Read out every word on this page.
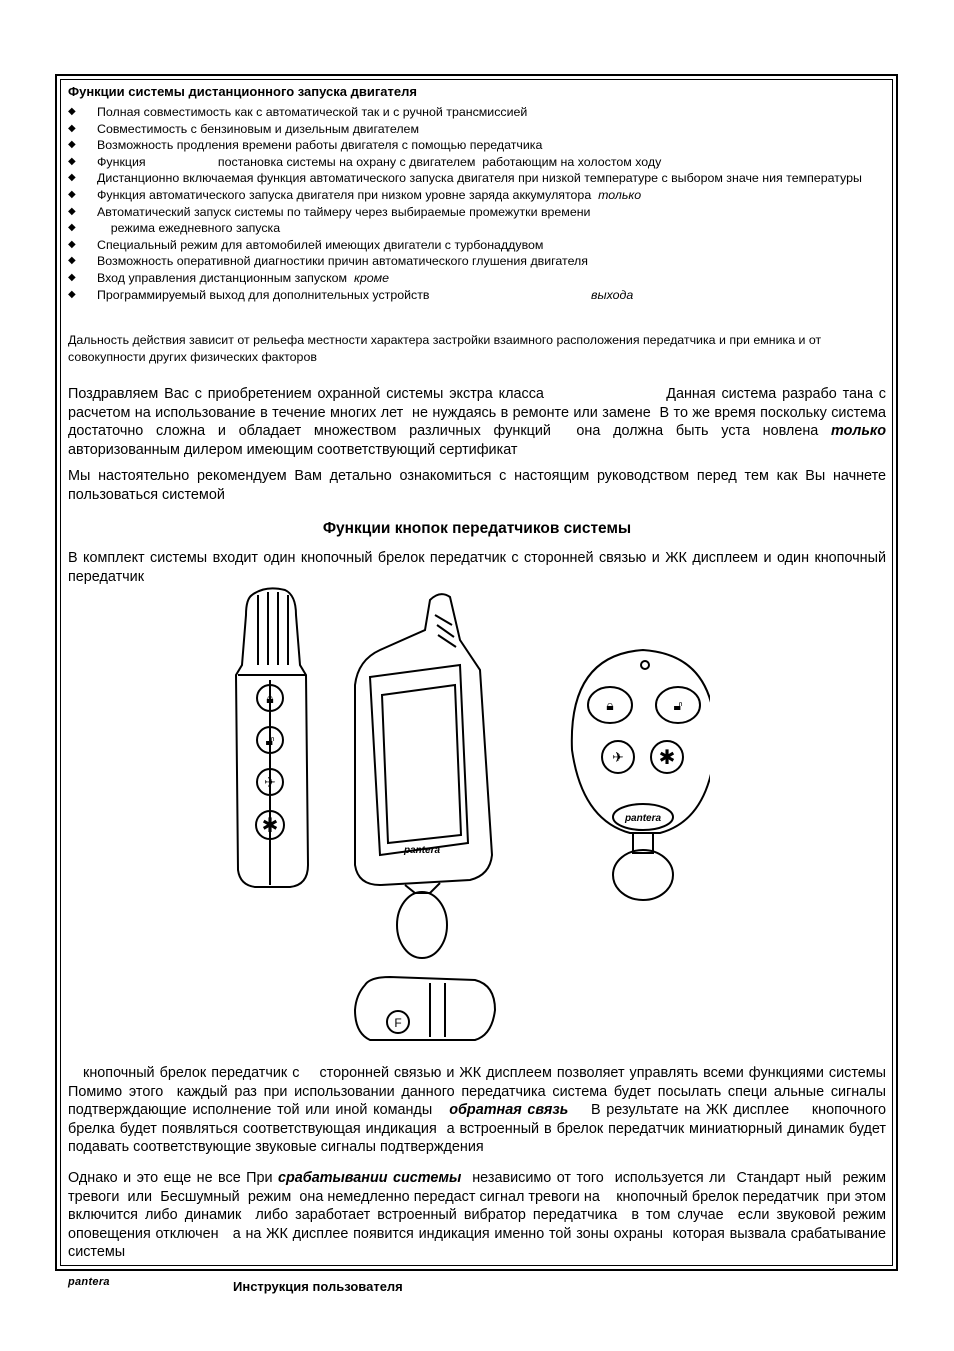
Функции системы дистанционного запуска двигателя
◆ Полная совместимость как с автоматической так и с ручной трансмиссией
◆ Совместимость с бензиновым и дизельным двигателем
◆ Возможность продления времени работы двигателя с помощью передатчика
◆ Функция                     постановка системы на охрану с двигателем  работающим на холостом ходу
◆ Дистанционно включаемая функция автоматического запуска двигателя при низкой температуре с выбором значе ния температуры
◆ Функция автоматического запуска двигателя при низком уровне заряда аккумулятора только
◆ Автоматический запуск системы по таймеру через выбираемые промежутки времени
◆ режима ежедневного запуска
◆ Специальный режим для автомобилей имеющих двигатели с турбонаддувом
◆ Возможность оперативной диагностики причин автоматического глушения двигателя
◆ Вход управления дистанционным запуском кроме
◆ Программируемый выход для дополнительных устройств	выхода
Дальность действия зависит от рельефа местности характера застройки взаимного расположения передатчика и при емника и от совокупности других физических факторов
Поздравляем Вас с приобретением охранной системы экстра класса                     Данная система разрабо тана с расчетом на использование в течение многих лет  не нуждаясь в ремонте или замене  В то же время поскольку система достаточно сложна и обладает множеством различных функций  она должна быть уста новлена только авторизованным дилером имеющим соответствующий сертификат
Мы настоятельно рекомендуем Вам детально ознакомиться с настоящим руководством перед тем как Вы начнете пользоваться системой
Функции кнопок передатчиков системы
В комплект системы входит один кнопочный брелок передатчик с сторонней связью и ЖК дисплеем и один кнопочный передатчик
🔒︎
🔓︎
✈︎
✱
pantera
🔒︎	🔓︎
✈︎ ✱
pantera
F
кнопочный брелок передатчик с    сторонней связью и ЖК дисплеем позволяет управлять всеми функциями системы  Помимо этого  каждый раз при использовании данного передатчика система будет посылать специ альные сигналы  подтверждающие исполнение той или иной команды   обратная связь    В результате на ЖК дисплее    кнопочного брелка будет появляться соответствующая индикация  а встроенный в брелок передатчик миниатюрный динамик будет подавать соответствующие звуковые сигналы подтверждения
Однако и это еще не все При срабатывании системы  независимо от того  используется ли  Стандарт ный  режим тревоги  или  Бесшумный  режим  она немедленно передаст сигнал тревоги на    кнопочный брелок передатчик  при этом включится либо динамик  либо заработает встроенный вибратор передатчика  в том случае  если звуковой режим оповещения отключен   а на ЖК дисплее появится индикация именно той зоны охраны  которая вызвала срабатывание системы
pantera	Инструкция пользователя
